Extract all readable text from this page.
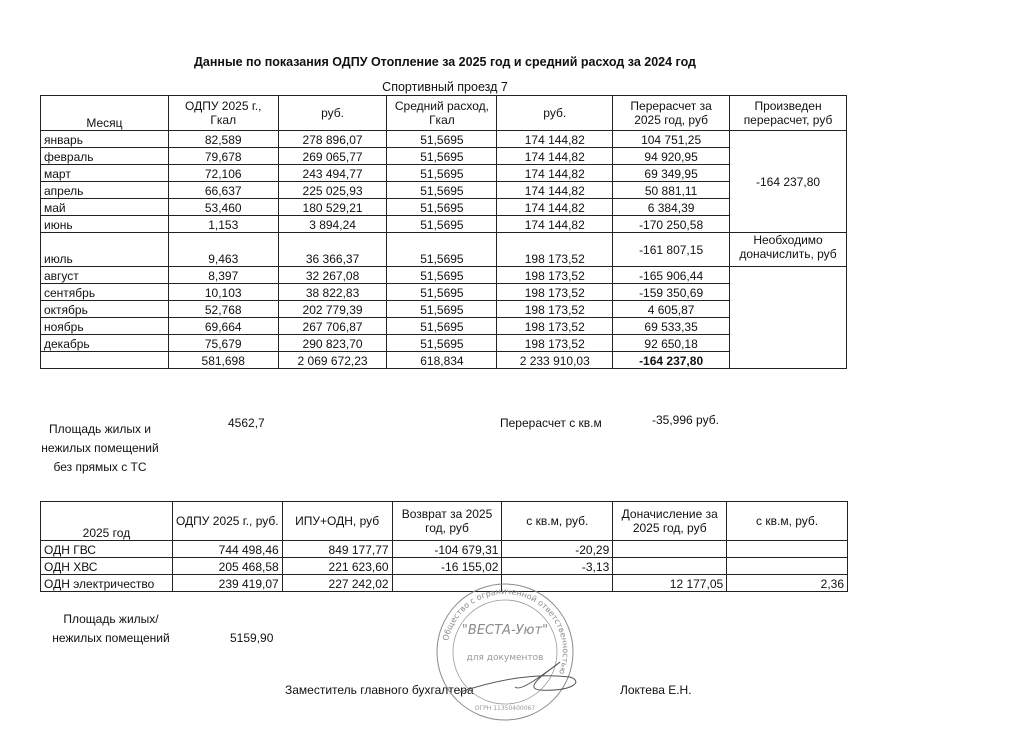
Данные по показания ОДПУ Отопление за 2025 год и средний расход за 2024 год
Спортивный проезд 7
Месяц	ОДПУ 2025 г., Гкал	руб.	Средний расход, Гкал	руб.	Перерасчет за 2025 год, руб	Произведен перерасчет, руб
январь	82,589	278 896,07	51,5695	174 144,82	104 751,25	-164 237,80
февраль	79,678	269 065,77	51,5695	174 144,82	94 920,95	
март	72,106	243 494,77	51,5695	174 144,82	69 349,95	
апрель	66,637	225 025,93	51,5695	174 144,82	50 881,11	
май	53,460	180 529,21	51,5695	174 144,82	6 384,39	
июнь	1,153	3 894,24	51,5695	174 144,82	-170 250,58	
июль	9,463	36 366,37	51,5695	198 173,52	-161 807,15	Необходимо доначислить, руб
август	8,397	32 267,08	51,5695	198 173,52	-165 906,44	
сентябрь	10,103	38 822,83	51,5695	198 173,52	-159 350,69	
октябрь	52,768	202 779,39	51,5695	198 173,52	4 605,87	
ноябрь	69,664	267 706,87	51,5695	198 173,52	69 533,35	
декабрь	75,679	290 823,70	51,5695	198 173,52	92 650,18	
	581,698	2 069 672,23	618,834	2 233 910,03	-164 237,80	
Площадь жилых и нежилых помещений без прямых с ТС
4562,7	Перерасчет с кв.м	-35,996 руб.
2025 год	ОДПУ 2025 г., руб.	ИПУ+ОДН, руб	Возврат за 2025 год, руб	с кв.м, руб.	Доначисление за 2025 год, руб	с кв.м, руб.
ОДН ГВС	744 498,46	849 177,77	-104 679,31	-20,29		
ОДН ХВС	205 468,58	221 623,60	-16 155,02	-3,13		
ОДН электричество	239 419,07	227 242,02			12 177,05	2,36
Площадь жилых/нежилых помещений	5159,90
Заместитель главного бухгалтера	Локтева Е.Н.
Общество с ограниченной ответственностью
"ВЕСТА-Уют"
для документов
ОГРН 11350400067
